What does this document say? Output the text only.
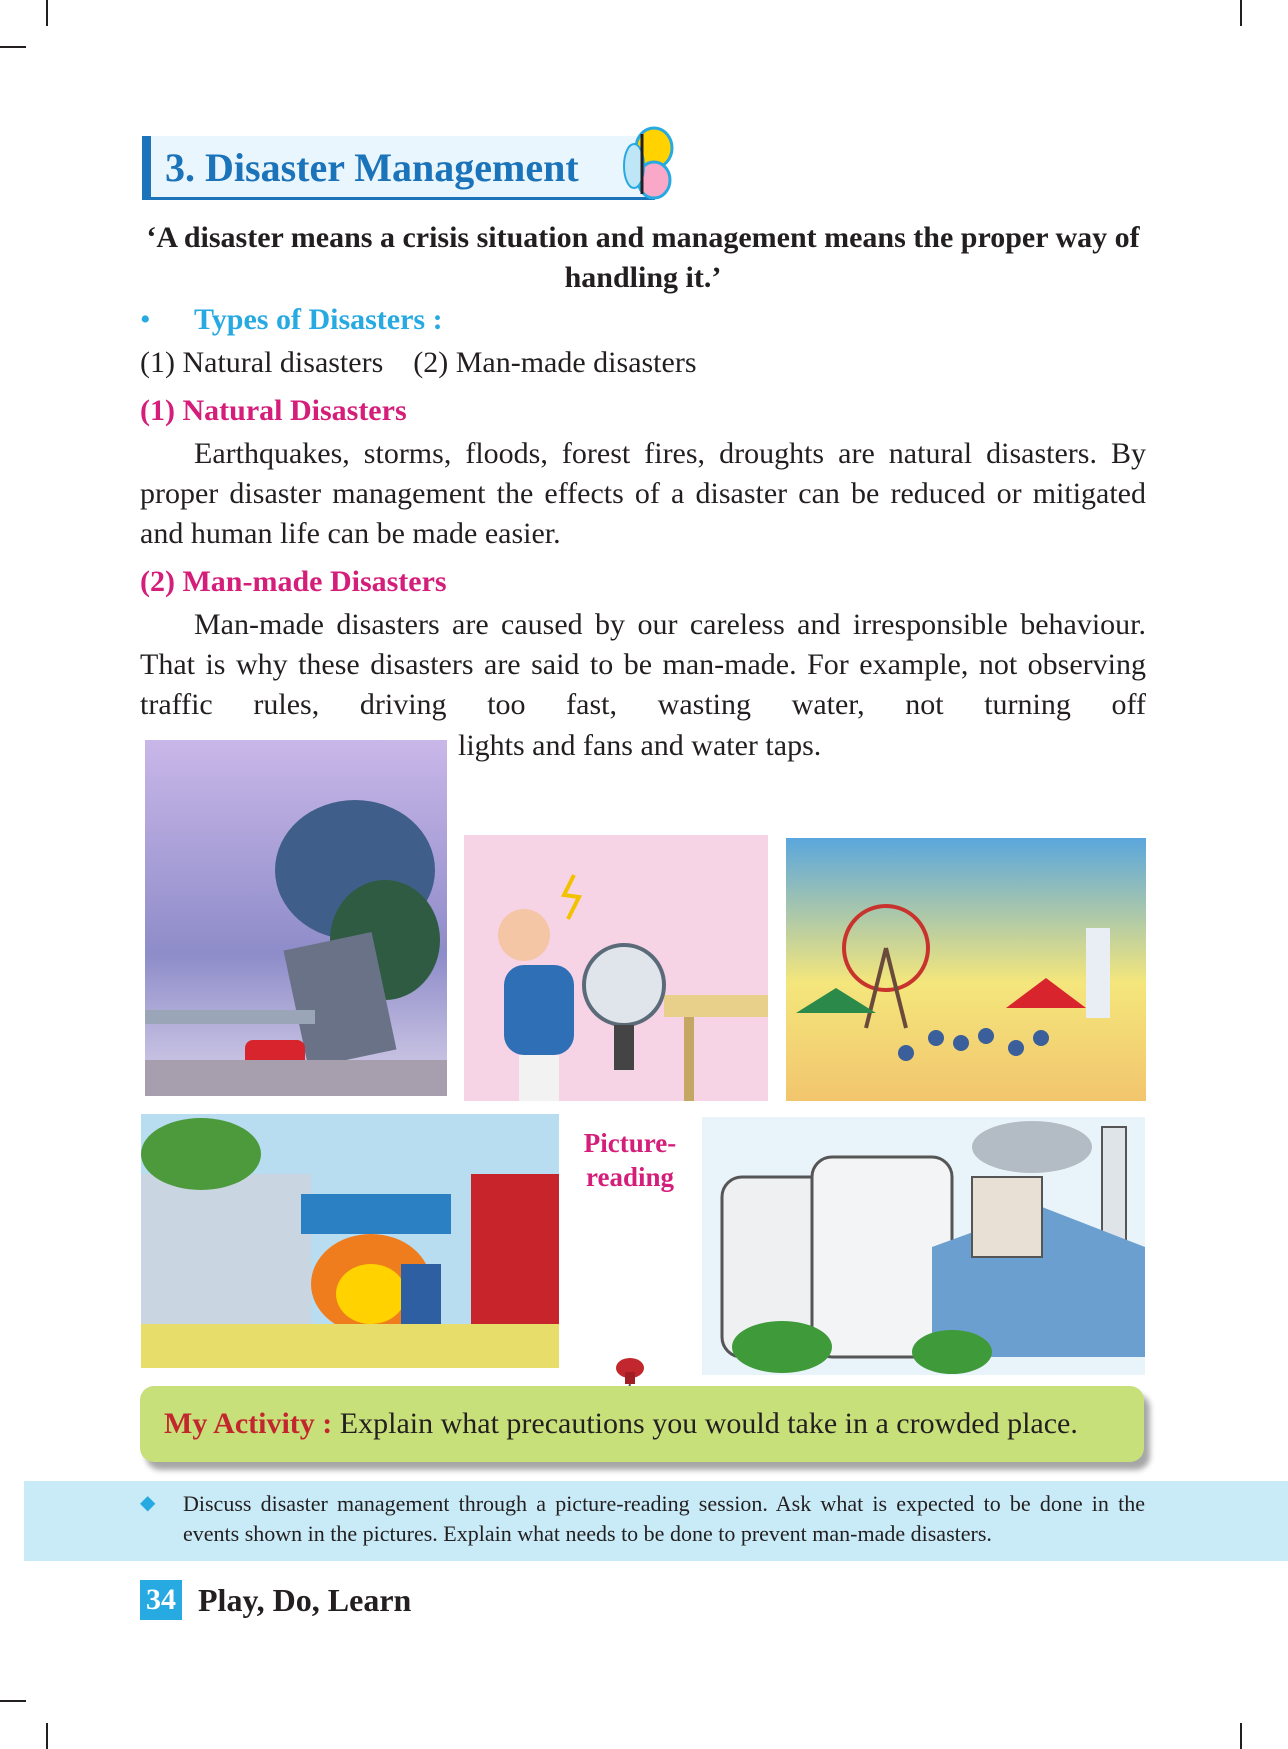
3. Disaster Management
‘A disaster means a crisis situation and management means the proper way of handling it.’
• Types of Disasters :
(1) Natural disasters    (2) Man-made disasters
(1) Natural Disasters

Earthquakes, storms, floods, forest fires, droughts are natural disasters. By proper disaster management the effects of a disaster can be reduced or mitigated and human life can be made easier.

(2) Man-made Disasters

Man-made disasters are caused by our careless and irresponsible behaviour. That is why these disasters are said to be man-made. For example, not observing traffic rules, driving too fast, wasting water, not turning off

lights and fans and water taps.
Picture-reading
My Activity : Explain what precautions you would take in a crowded place.
◆ Discuss disaster management through a picture-reading session. Ask what is expected to be done in the events shown in the pictures. Explain what needs to be done to prevent man-made disasters.
34 Play, Do, Learn
